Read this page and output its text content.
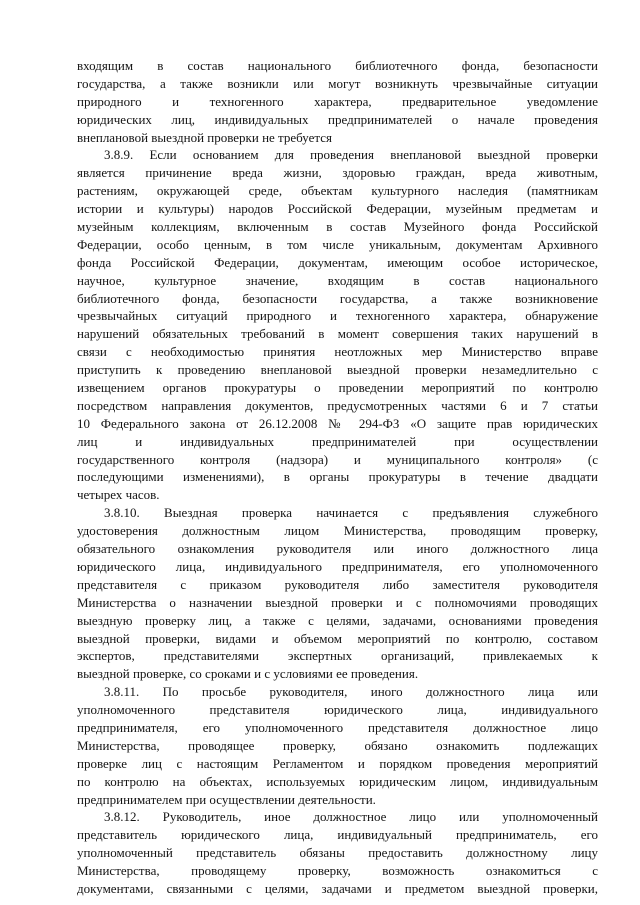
входящим в состав национального библиотечного фонда, безопасности
государства, а также возникли или могут возникнуть чрезвычайные ситуации
природного и техногенного характера, предварительное уведомление
юридических лиц, индивидуальных предпринимателей о начале проведения
внеплановой выездной проверки не требуется
3.8.9. Если основанием для проведения внеплановой выездной проверки
является причинение вреда жизни, здоровью граждан, вреда животным,
растениям, окружающей среде, объектам культурного наследия (памятникам
истории и культуры) народов Российской Федерации, музейным предметам и
музейным коллекциям, включенным в состав Музейного фонда Российской
Федерации, особо ценным, в том числе уникальным, документам Архивного
фонда Российской Федерации, документам, имеющим особое историческое,
научное, культурное значение, входящим в состав национального
библиотечного фонда, безопасности государства, а также возникновение
чрезвычайных ситуаций природного и техногенного характера, обнаружение
нарушений обязательных требований в момент совершения таких нарушений в
связи с необходимостью принятия неотложных мер Министерство вправе
приступить к проведению внеплановой выездной проверки незамедлительно с
извещением органов прокуратуры о проведении мероприятий по контролю
посредством направления документов, предусмотренных частями 6 и 7 статьи
10 Федерального закона от 26.12.2008 № 294-ФЗ «О защите прав юридических
лиц и индивидуальных предпринимателей при осуществлении
государственного контроля (надзора) и муниципального контроля» (с
последующими изменениями), в органы прокуратуры в течение двадцати
четырех часов.
3.8.10. Выездная проверка начинается с предъявления служебного
удостоверения должностным лицом Министерства, проводящим проверку,
обязательного ознакомления руководителя или иного должностного лица
юридического лица, индивидуального предпринимателя, его уполномоченного
представителя с приказом руководителя либо заместителя руководителя
Министерства о назначении выездной проверки и с полномочиями проводящих
выездную проверку лиц, а также с целями, задачами, основаниями проведения
выездной проверки, видами и объемом мероприятий по контролю, составом
экспертов, представителями экспертных организаций, привлекаемых к
выездной проверке, со сроками и с условиями ее проведения.
3.8.11. По просьбе руководителя, иного должностного лица или
уполномоченного представителя юридического лица, индивидуального
предпринимателя, его уполномоченного представителя должностное лицо
Министерства, проводящее проверку, обязано ознакомить подлежащих
проверке лиц с настоящим Регламентом и порядком проведения мероприятий
по контролю на объектах, используемых юридическим лицом, индивидуальным
предпринимателем при осуществлении деятельности.
3.8.12. Руководитель, иное должностное лицо или уполномоченный
представитель юридического лица, индивидуальный предприниматель, его
уполномоченный представитель обязаны предоставить должностному лицу
Министерства, проводящему проверку, возможность ознакомиться с
документами, связанными с целями, задачами и предметом выездной проверки,
